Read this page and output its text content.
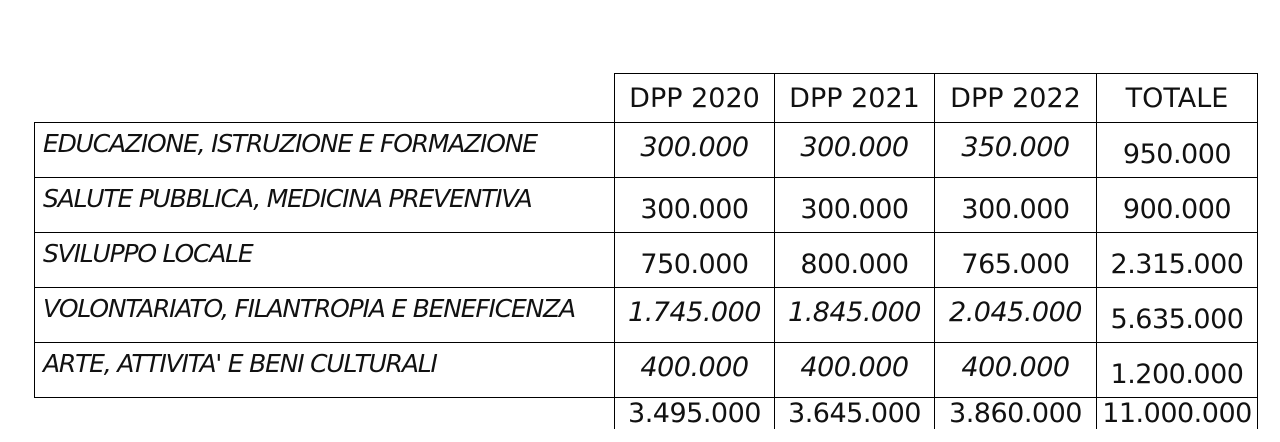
	DPP 2020	DPP 2021	DPP 2022	TOTALE
EDUCAZIONE, ISTRUZIONE E FORMAZIONE	300.000	300.000	350.000	950.000
SALUTE PUBBLICA, MEDICINA PREVENTIVA	300.000	300.000	300.000	900.000
SVILUPPO LOCALE	750.000	800.000	765.000	2.315.000
VOLONTARIATO, FILANTROPIA E BENEFICENZA	1.745.000	1.845.000	2.045.000	5.635.000
ARTE, ATTIVITA' E BENI CULTURALI	400.000	400.000	400.000	1.200.000
	3.495.000	3.645.000	3.860.000	11.000.000
